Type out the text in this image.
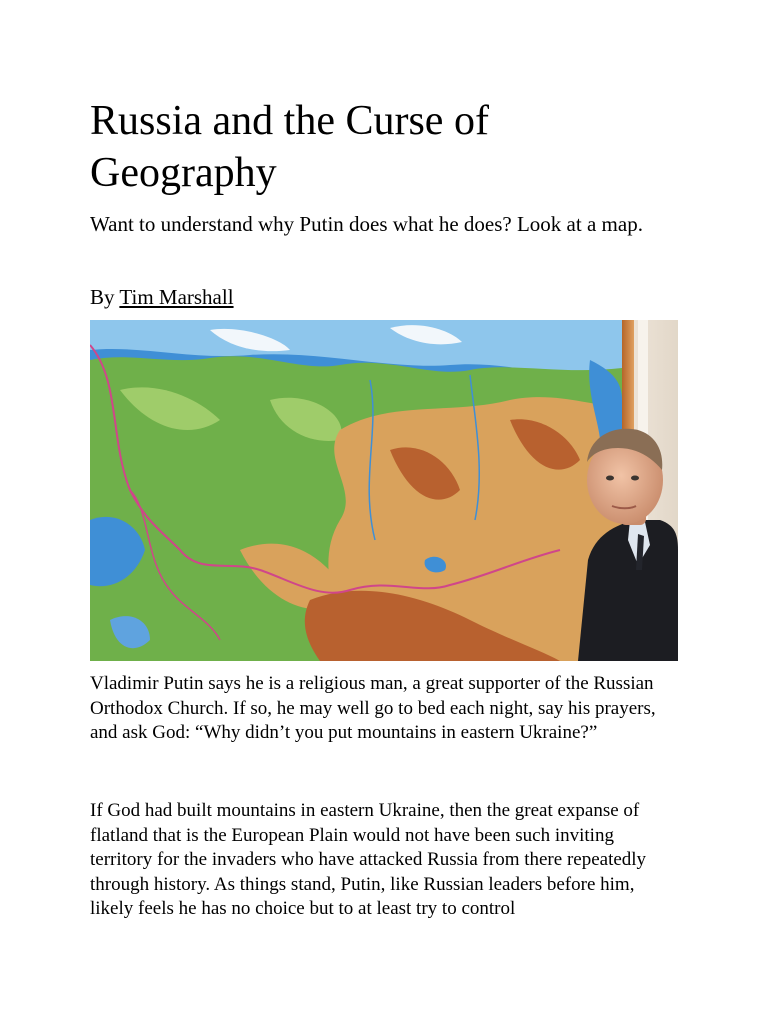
Russia and the Curse of Geography

Want to understand why Putin does what he does? Look at a map.

By Tim Marshall

Vladimir Putin says he is a religious man, a great supporter of the Russian Orthodox Church. If so, he may well go to bed each night, say his prayers, and ask God: “Why didn’t you put mountains in eastern Ukraine?”

If God had built mountains in eastern Ukraine, then the great expanse of flatland that is the European Plain would not have been such inviting territory for the invaders who have attacked Russia from there repeatedly through history. As things stand, Putin, like Russian leaders before him, likely feels he has no choice but to at least try to control
